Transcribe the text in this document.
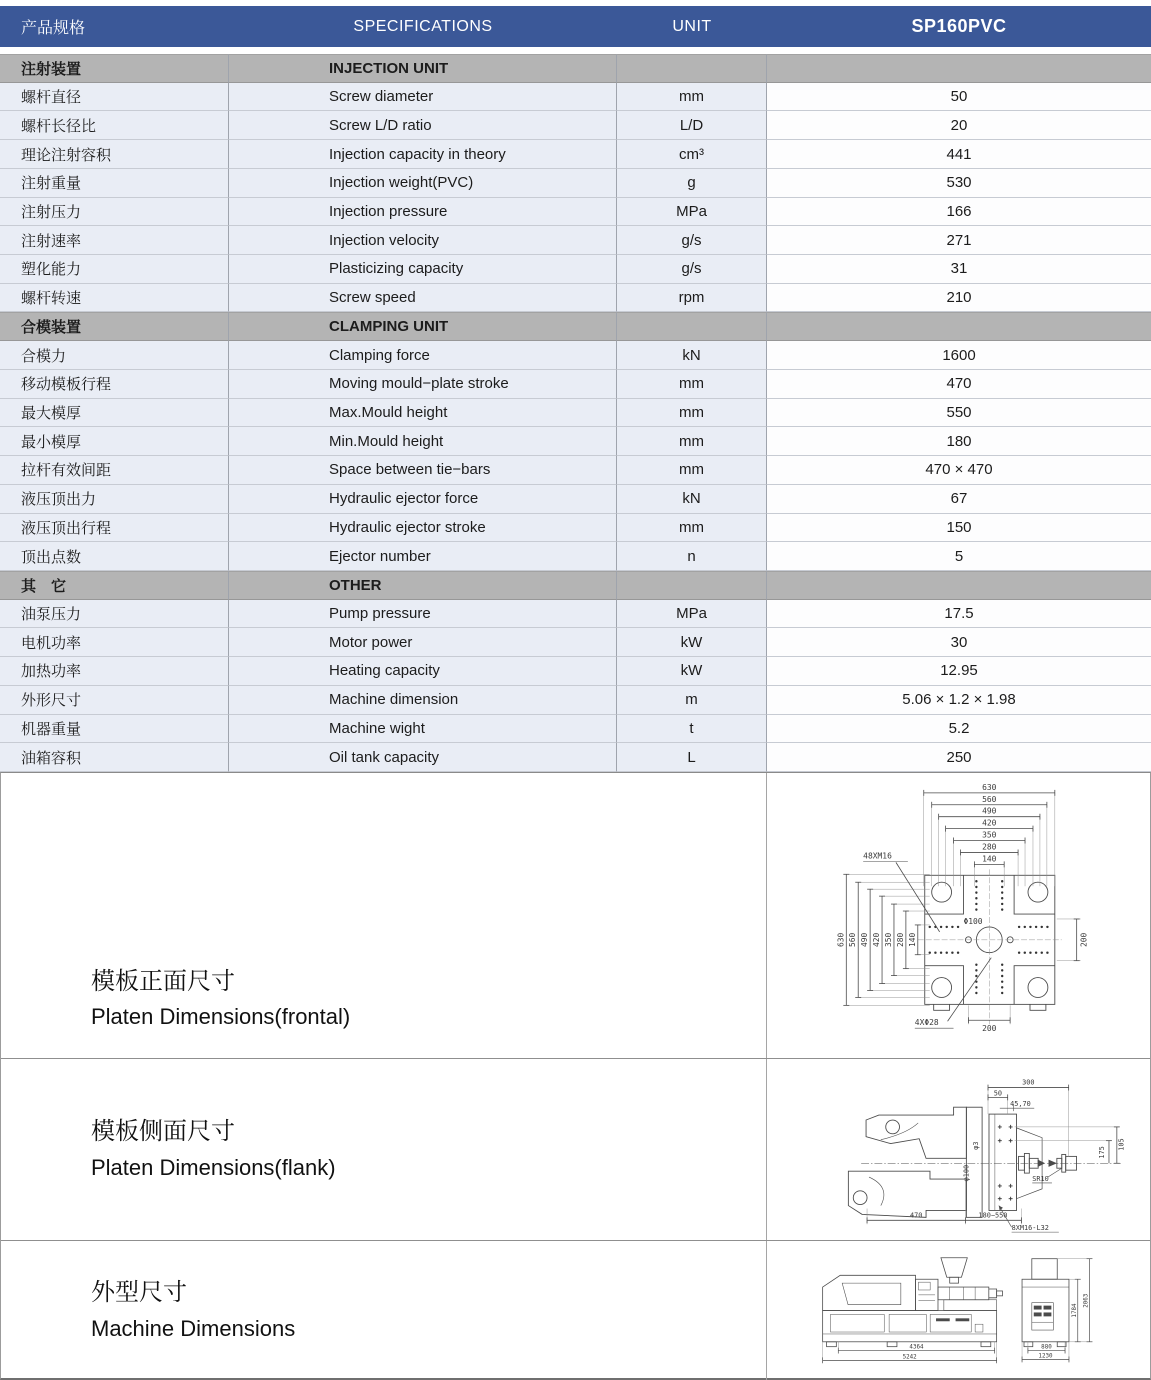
产品规格	SPECIFICATIONS	UNIT	SP160PVC
注射装置	INJECTION UNIT
螺杆直径	Screw diameter	mm	50
螺杆长径比	Screw L/D ratio	L/D	20
理论注射容积	Injection capacity in theory	cm³	441
注射重量	Injection weight(PVC)	g	530
注射压力	Injection pressure	MPa	166
注射速率	Injection velocity	g/s	271
塑化能力	Plasticizing capacity	g/s	31
螺杆转速	Screw speed	rpm	210
合模装置	CLAMPING UNIT
合模力	Clamping force	kN	1600
移动模板行程	Moving mould−plate stroke	mm	470
最大模厚	Max.Mould height	mm	550
最小模厚	Min.Mould height	mm	180
拉杆有效间距	Space between tie−bars	mm	470 × 470
液压顶出力	Hydraulic ejector force	kN	67
液压顶出行程	Hydraulic ejector stroke	mm	150
顶出点数	Ejector number	n	5
其　它	OTHER
油泵压力	Pump pressure	MPa	17.5
电机功率	Motor power	kW	30
加热功率	Heating capacity	kW	12.95
外形尺寸	Machine dimension	m	5.06 × 1.2 × 1.98
机器重量	Machine wight	t	5.2
油箱容积	Oil tank capacity	L	250
模板正面尺寸
Platen Dimensions(frontal)
630
560
490
420
350
280
140
630 560 490 420 350 280 140	200
200
48XM16
Φ100
4XΦ28
模板侧面尺寸
Platen Dimensions(flank)
300
50
45,70
105
175
φ3
φ100	SR10
470	180−550
8XM16-L32
外型尺寸
Machine Dimensions
4364
5242
880
1230
1784
2063
